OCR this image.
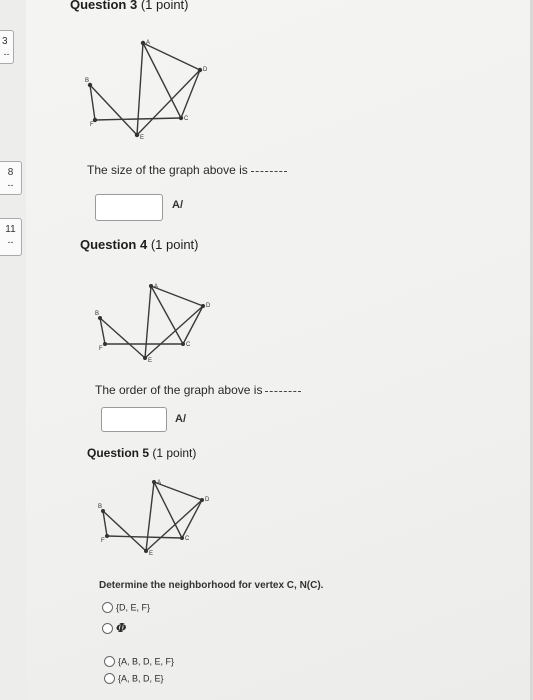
3
--
8
--
11
--
Question 3 (1 point)
A
B
C
D
E
F
The size of the graph above is
A/
Question 4 (1 point)
A
B
C
D
E
F
The order of the graph above is
A/
Question 5 (1 point)
A
B
C
D
E
F
Determine the neighborhood for vertex C, N(C).
{D, E, F}
Φ
{A, B, D, E, F}
{A, B, D, E}
